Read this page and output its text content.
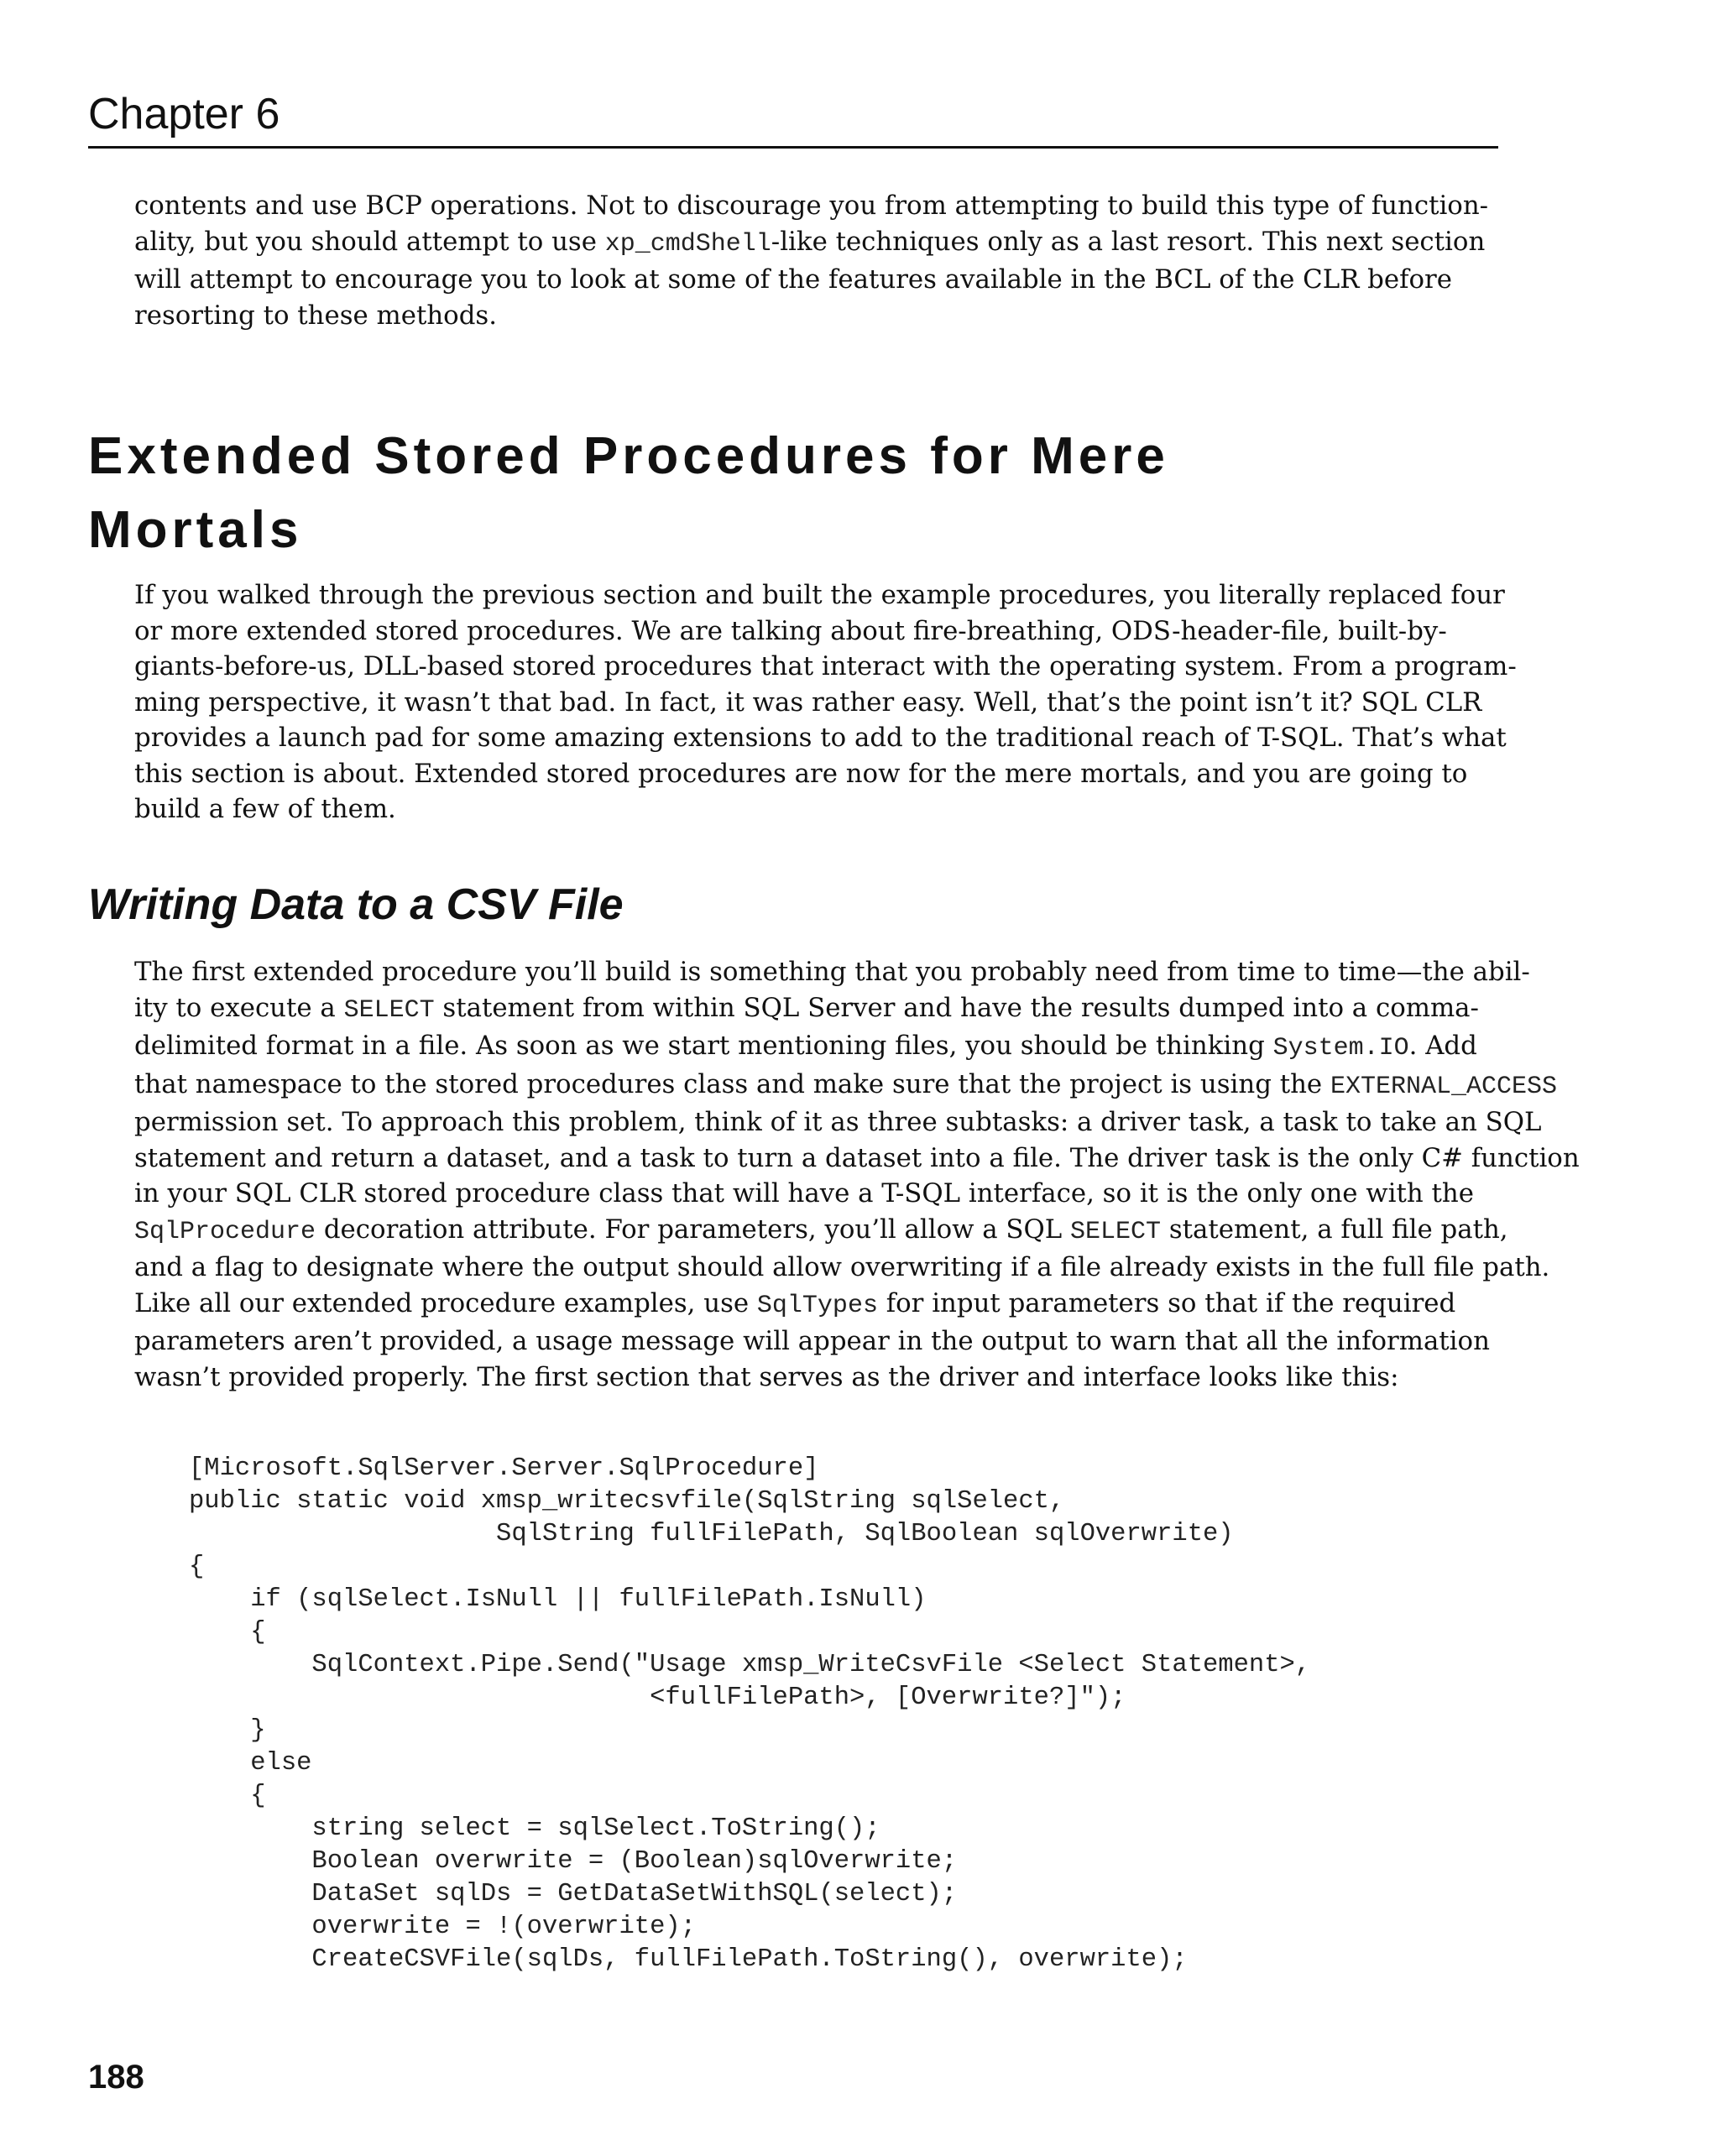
Chapter 6
contents and use BCP operations. Not to discourage you from attempting to build this type of function-
ality, but you should attempt to use xp_cmdShell-like techniques only as a last resort. This next section
will attempt to encourage you to look at some of the features available in the BCL of the CLR before
resorting to these methods.
Extended Stored Procedures for Mere
Mortals
If you walked through the previous section and built the example procedures, you literally replaced four
or more extended stored procedures. We are talking about fire-breathing, ODS-header-file, built-by-
giants-before-us, DLL-based stored procedures that interact with the operating system. From a program-
ming perspective, it wasn’t that bad. In fact, it was rather easy. Well, that’s the point isn’t it? SQL CLR
provides a launch pad for some amazing extensions to add to the traditional reach of T-SQL. That’s what
this section is about. Extended stored procedures are now for the mere mortals, and you are going to
build a few of them.
Writing Data to a CSV File
The first extended procedure you’ll build is something that you probably need from time to time—the abil-
ity to execute a SELECT statement from within SQL Server and have the results dumped into a comma-
delimited format in a file. As soon as we start mentioning files, you should be thinking System.IO. Add
that namespace to the stored procedures class and make sure that the project is using the EXTERNAL_ACCESS
permission set. To approach this problem, think of it as three subtasks: a driver task, a task to take an SQL
statement and return a dataset, and a task to turn a dataset into a file. The driver task is the only C# function
in your SQL CLR stored procedure class that will have a T-SQL interface, so it is the only one with the
SqlProcedure decoration attribute. For parameters, you’ll allow a SQL SELECT statement, a full file path,
and a flag to designate where the output should allow overwriting if a file already exists in the full file path.
Like all our extended procedure examples, use SqlTypes for input parameters so that if the required
parameters aren’t provided, a usage message will appear in the output to warn that all the information
wasn’t provided properly. The first section that serves as the driver and interface looks like this:

[Microsoft.SqlServer.Server.SqlProcedure]
public static void xmsp_writecsvfile(SqlString sqlSelect,
SqlString fullFilePath, SqlBoolean sqlOverwrite)
{
if (sqlSelect.IsNull || fullFilePath.IsNull)
{
SqlContext.Pipe.Send("Usage xmsp_WriteCsvFile <Select Statement>,
<fullFilePath>, [Overwrite?]");
}
else
{
string select = sqlSelect.ToString();
Boolean overwrite = (Boolean)sqlOverwrite;
DataSet sqlDs = GetDataSetWithSQL(select);
overwrite = !(overwrite);
CreateCSVFile(sqlDs, fullFilePath.ToString(), overwrite);

188
